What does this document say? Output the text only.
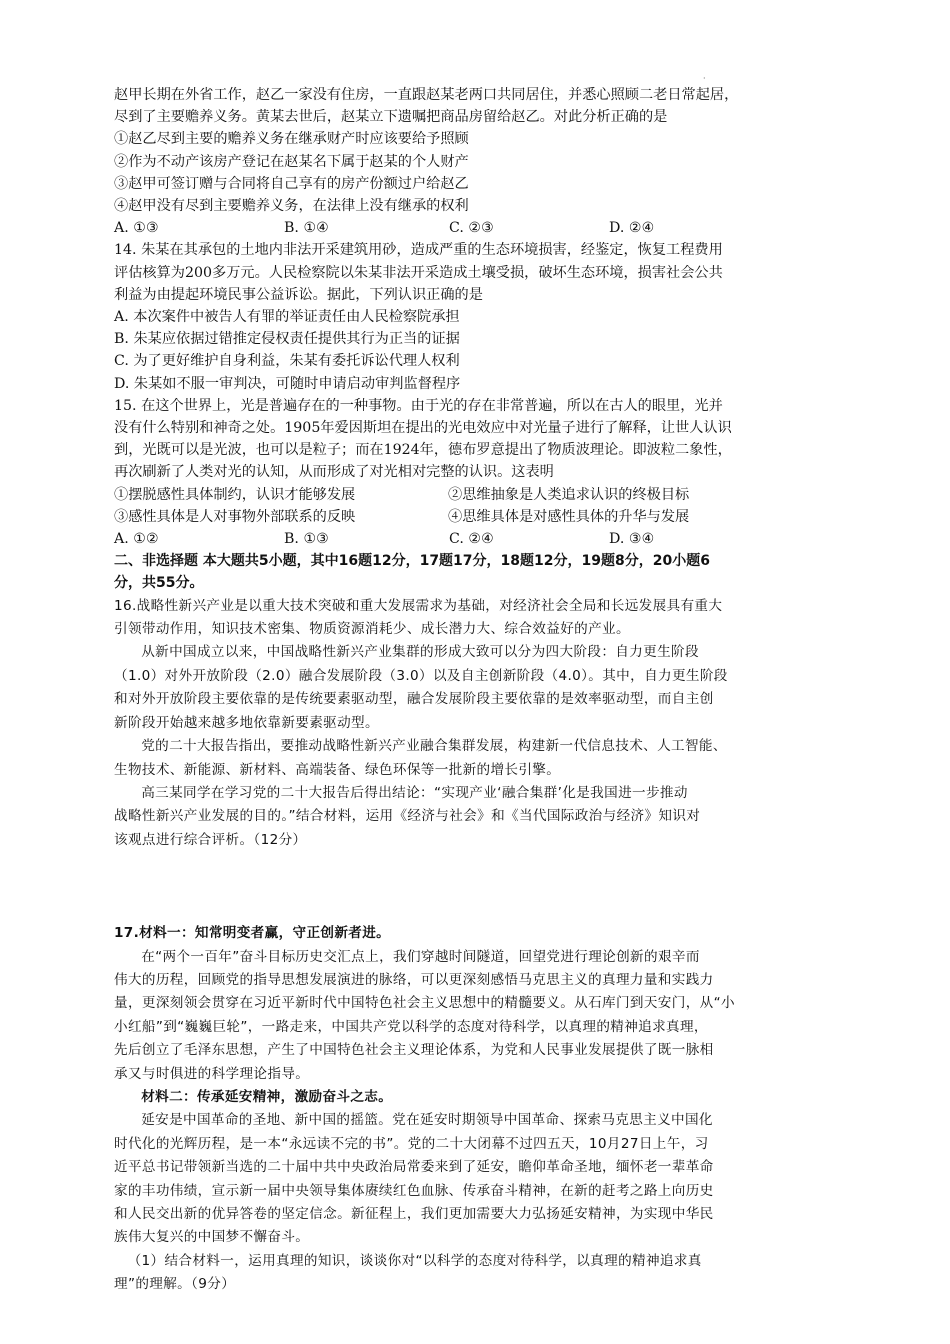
·

赵甲长期在外省工作，赵乙一家没有住房，一直跟赵某老两口共同居住，并悉心照顾二老日常起居，

尽到了主要赡养义务。黄某去世后，赵某立下遗嘱把商品房留给赵乙。对此分析正确的是

①赵乙尽到主要的赡养义务在继承财产时应该要给予照顾

②作为不动产该房产登记在赵某名下属于赵某的个人财产

③赵甲可签订赠与合同将自己享有的房产份额过户给赵乙

④赵甲没有尽到主要赡养义务，在法律上没有继承的权利

A. ①③	B. ①④	C. ②③	D. ②④

14. 朱某在其承包的土地内非法开采建筑用砂，造成严重的生态环境损害，经鉴定，恢复工程费用

评估核算为200多万元。人民检察院以朱某非法开采造成土壤受损，破坏生态环境，损害社会公共

利益为由提起环境民事公益诉讼。据此，下列认识正确的是

A. 本次案件中被告人有罪的举证责任由人民检察院承担

B. 朱某应依据过错推定侵权责任提供其行为正当的证据

C. 为了更好维护自身利益，朱某有委托诉讼代理人权利

D. 朱某如不服一审判决，可随时申请启动审判监督程序

15. 在这个世界上，光是普遍存在的一种事物。由于光的存在非常普遍，所以在古人的眼里，光并

没有什么特别和神奇之处。1905年爱因斯坦在提出的光电效应中对光量子进行了解释，让世人认识

到，光既可以是光波，也可以是粒子；而在1924年，德布罗意提出了物质波理论。即波粒二象性，

再次刷新了人类对光的认知，从而形成了对光相对完整的认识。这表明

①摆脱感性具体制约，认识才能够发展	②思维抽象是人类追求认识的终极目标

③感性具体是人对事物外部联系的反映	④思维具体是对感性具体的升华与发展

A. ①②	B. ①③	C. ②④	D. ③④

二、非选择题 本大题共5小题，其中16题12分，17题17分，18题12分，19题8分，20小题6

分，共55分。

16.战略性新兴产业是以重大技术突破和重大发展需求为基础，对经济社会全局和长远发展具有重大

引领带动作用，知识技术密集、物质资源消耗少、成长潜力大、综合效益好的产业。

从新中国成立以来，中国战略性新兴产业集群的形成大致可以分为四大阶段：自力更生阶段

（1.0）对外开放阶段（2.0）融合发展阶段（3.0）以及自主创新阶段（4.0）。其中，自力更生阶段

和对外开放阶段主要依靠的是传统要素驱动型，融合发展阶段主要依靠的是效率驱动型，而自主创

新阶段开始越来越多地依靠新要素驱动型。

党的二十大报告指出，要推动战略性新兴产业融合集群发展，构建新一代信息技术、人工智能、

生物技术、新能源、新材料、高端装备、绿色环保等一批新的增长引擎。

高三某同学在学习党的二十大报告后得出结论：“实现产业‘融合集群’化是我国进一步推动

战略性新兴产业发展的目的。”结合材料，运用《经济与社会》和《当代国际政治与经济》知识对

该观点进行综合评析。（12分）

17.材料一：知常明变者赢，守正创新者进。

在“两个一百年”奋斗目标历史交汇点上，我们穿越时间隧道，回望党进行理论创新的艰辛而

伟大的历程，回顾党的指导思想发展演进的脉络，可以更深刻感悟马克思主义的真理力量和实践力

量，更深刻领会贯穿在习近平新时代中国特色社会主义思想中的精髓要义。从石库门到天安门，从“小

小红船”到“巍巍巨轮”，一路走来，中国共产党以科学的态度对待科学，以真理的精神追求真理，

先后创立了毛泽东思想，产生了中国特色社会主义理论体系，为党和人民事业发展提供了既一脉相

承又与时俱进的科学理论指导。

材料二：传承延安精神，激励奋斗之志。

延安是中国革命的圣地、新中国的摇篮。党在延安时期领导中国革命、探索马克思主义中国化

时代化的光辉历程，是一本“永远读不完的书”。党的二十大闭幕不过四五天，10月27日上午，习

近平总书记带领新当选的二十届中共中央政治局常委来到了延安，瞻仰革命圣地，缅怀老一辈革命

家的丰功伟绩，宣示新一届中央领导集体赓续红色血脉、传承奋斗精神，在新的赶考之路上向历史

和人民交出新的优异答卷的坚定信念。新征程上，我们更加需要大力弘扬延安精神，为实现中华民

族伟大复兴的中国梦不懈奋斗。

（1）结合材料一，运用真理的知识，谈谈你对“以科学的态度对待科学，以真理的精神追求真

理”的理解。（9分）
